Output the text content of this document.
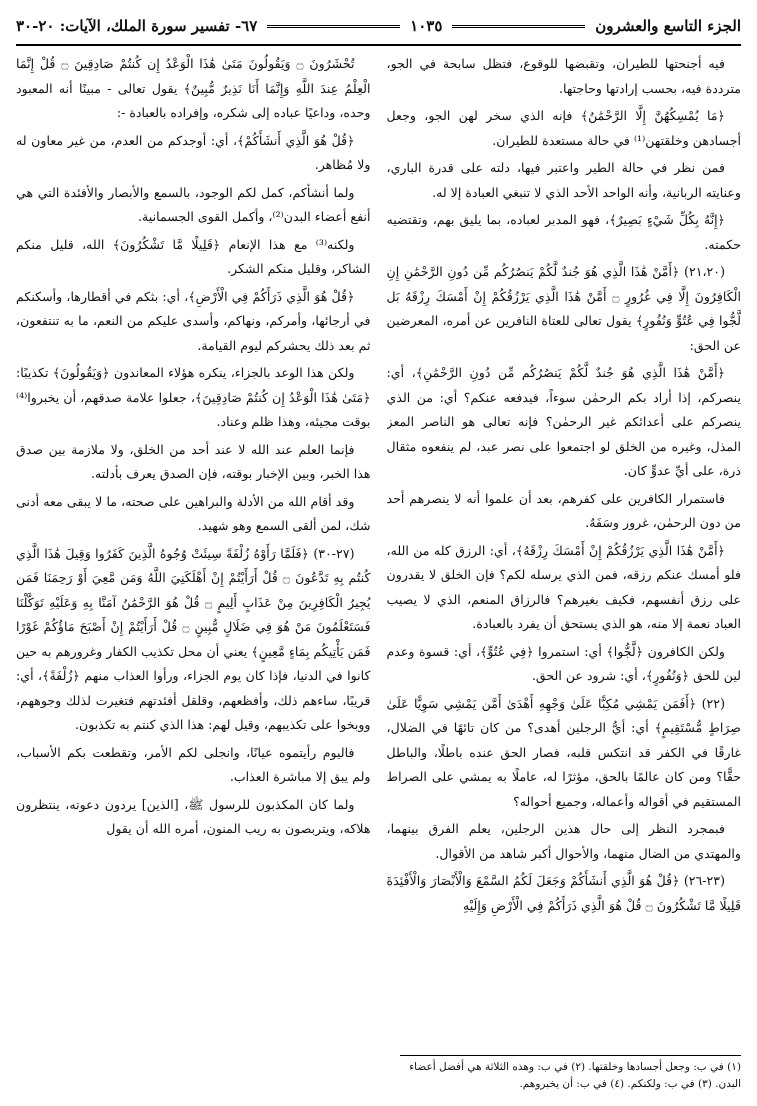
الجزء التاسع والعشرون
١٠٣٥
٦٧- تفسير سورة الملك، الآيات: ٢٠-٣٠

فيه أجنحتها للطيران، وتقبضها للوقوع، فتظل سابحة في الجو، مترددة فيه، بحسب إرادتها وحاجتها.

﴿مَا يُمْسِكُهُنَّ إِلَّا الرَّحْمَٰنُ﴾ فإنه الذي سخر لهن الجو، وجعل أجسادهن وخلقتهن⁽¹⁾ في حالة مستعدة للطيران.

فمن نظر في حالة الطير واعتبر فيها، دلته على قدرة الباري، وعنايته الربانية، وأنه الواحد الأحد الذي لا تنبغي العبادة إلا له.

﴿إِنَّهُ بِكُلِّ شَيْءٍ بَصِيرٌ﴾، فهو المدبر لعباده، بما يليق بهم، وتقتضيه حكمته.

(٢١،٢٠) ﴿أَمَّنْ هَٰذَا الَّذِي هُوَ جُندٌ لَّكُمْ يَنصُرُكُم مِّن دُونِ الرَّحْمَٰنِ إِنِ الْكَافِرُونَ إِلَّا فِي غُرُورٍ ۝ أَمَّنْ هَٰذَا الَّذِي يَرْزُقُكُمْ إِنْ أَمْسَكَ رِزْقَهُ بَل لَّجُّوا فِي عُتُوٍّ وَنُفُورٍ﴾ يقول تعالى للعتاة النافرين عن أمره، المعرضين عن الحق:

﴿أَمَّنْ هَٰذَا الَّذِي هُوَ جُندٌ لَّكُمْ يَنصُرُكُم مِّن دُونِ الرَّحْمَٰنِ﴾، أي: ينصركم، إذا أراد بكم الرحمٰن سوءاً، فيدفعه عنكم؟ أي: من الذي ينصركم على أعدائكم غير الرحمٰن؟ فإنه تعالى هو الناصر المعز المذل، وغيره من الخلق لو اجتمعوا على نصر عبد، لم ينفعوه مثقال ذرة، على أيِّ عدوٍّ كان.

فاستمرار الكافرين على كفرهم، بعد أن علموا أنه لا ينصرهم أحد من دون الرحمٰن، غرور وسَفَهٌ.

﴿أَمَّنْ هَٰذَا الَّذِي يَرْزُقُكُمْ إِنْ أَمْسَكَ رِزْقَهُ﴾، أي: الرزق كله من الله، فلو أمسك عنكم رزقه، فمن الذي يرسله لكم؟ فإن الخلق لا يقدرون على رزق أنفسهم، فكيف بغيرهم؟ فالرزاق المنعم، الذي لا يصيب العباد نعمة إلا منه، هو الذي يستحق أن يفرد بالعبادة.

ولكن الكافرون ﴿لَّجُّوا﴾ أي: استمروا ﴿فِي عُتُوٍّ﴾، أي: قسوة وعدم لين للحق ﴿وَنُفُورٍ﴾، أي: شرود عن الحق.

(٢٢) ﴿أَفَمَن يَمْشِي مُكِبًّا عَلَىٰ وَجْهِهِ أَهْدَىٰ أَمَّن يَمْشِي سَوِيًّا عَلَىٰ صِرَاطٍ مُّسْتَقِيمٍ﴾ أي: أيُّ الرجلين أهدى؟ من كان تائهًا في الضلال، غارقًا في الكفر قد انتكس قلبه، فصار الحق عنده باطلًا، والباطل حقًّا؟ ومن كان عالمًا بالحق، مؤثرًا له، عاملًا به يمشي على الصراط المستقيم في أقواله وأعماله، وجميع أحواله؟

فبمجرد النظر إلى حال هذين الرجلين، يعلم الفرق بينهما، والمهتدي من الضال منهما، والأحوال أكبر شاهد من الأقوال.

(٢٣-٢٦) ﴿قُلْ هُوَ الَّذِي أَنشَأَكُمْ وَجَعَلَ لَكُمُ السَّمْعَ وَالْأَبْصَارَ وَالْأَفْئِدَةَ قَلِيلًا مَّا تَشْكُرُونَ ۝ قُلْ هُوَ الَّذِي ذَرَأَكُمْ فِي الْأَرْضِ وَإِلَيْهِ

تُحْشَرُونَ ۝ وَيَقُولُونَ مَتَىٰ هَٰذَا الْوَعْدُ إِن كُنتُمْ صَادِقِينَ ۝ قُلْ إِنَّمَا الْعِلْمُ عِندَ اللَّهِ وَإِنَّمَا أَنَا نَذِيرٌ مُّبِينٌ﴾ يقول تعالى - مبينًا أنه المعبود وحده، وداعيًا عباده إلى شكره، وإفراده بالعبادة -:

﴿قُلْ هُوَ الَّذِي أَنشَأَكُمْ﴾، أي: أوجدكم من العدم، من غير معاون له ولا مُظاهر.

ولما أنشأكم، كمل لكم الوجود، بالسمع والأبصار والأفئدة التي هي أنفع أعضاء البدن⁽²⁾، وأكمل القوى الجسمانية.

ولكنه⁽³⁾ مع هذا الإنعام ﴿قَلِيلًا مَّا تَشْكُرُونَ﴾ الله، قليل منكم الشاكر، وقليل منكم الشكر.

﴿قُلْ هُوَ الَّذِي ذَرَأَكُمْ فِي الْأَرْضِ﴾، أي: بثكم في أقطارها، وأسكنكم في أرجائها، وأمركم، ونهاكم، وأسدى عليكم من النعم، ما به تنتفعون، ثم بعد ذلك يحشركم ليوم القيامة.

ولكن هذا الوعد بالجزاء، ينكره هؤلاء المعاندون ﴿وَيَقُولُونَ﴾ تكذيبًا: ﴿مَتَىٰ هَٰذَا الْوَعْدُ إِن كُنتُمْ صَادِقِينَ﴾، جعلوا علامة صدقهم، أن يخبروا⁽⁴⁾ بوقت مجيئه، وهذا ظلم وعناد.

فإنما العلم عند الله لا عند أحد من الخلق، ولا ملازمة بين صدق هذا الخبر، وبين الإخبار بوقته، فإن الصدق يعرف بأدلته.

وقد أقام الله من الأدلة والبراهين على صحته، ما لا يبقى معه أدنى شك، لمن ألقى السمع وهو شهيد.

(٢٧-٣٠) ﴿فَلَمَّا رَأَوْهُ زُلْفَةً سِيئَتْ وُجُوهُ الَّذِينَ كَفَرُوا وَقِيلَ هَٰذَا الَّذِي كُنتُم بِهِ تَدَّعُونَ ۝ قُلْ أَرَأَيْتُمْ إِنْ أَهْلَكَنِيَ اللَّهُ وَمَن مَّعِيَ أَوْ رَحِمَنَا فَمَن يُجِيرُ الْكَافِرِينَ مِنْ عَذَابٍ أَلِيمٍ ۝ قُلْ هُوَ الرَّحْمَٰنُ آمَنَّا بِهِ وَعَلَيْهِ تَوَكَّلْنَا فَسَتَعْلَمُونَ مَنْ هُوَ فِي ضَلَالٍ مُّبِينٍ ۝ قُلْ أَرَأَيْتُمْ إِنْ أَصْبَحَ مَاؤُكُمْ غَوْرًا فَمَن يَأْتِيكُم بِمَاءٍ مَّعِينٍ﴾ يعني أن محل تكذيب الكفار وغرورهم به حين كانوا في الدنيا، فإذا كان يوم الجزاء، ورأوا العذاب منهم ﴿زُلْفَةً﴾، أي: قريبًا، ساءهم ذلك، وأفظعهم، وقلقل أفئدتهم فتغيرت لذلك وجوههم، ووبخوا على تكذيبهم، وقيل لهم: هذا الذي كنتم به تكذبون.

فاليوم رأيتموه عيانًا، وانجلى لكم الأمر، وتقطعت بكم الأسباب، ولم يبق إلا مباشرة العذاب.

ولما كان المكذبون للرسول ﷺ، [الذين] يردون دعوته، ينتظرون هلاكه، ويتربصون به ريب المنون، أمره الله أن يقول

(١) في ب: وجعل أجسادها وخلقتها. (٢) في ب: وهذه الثلاثة هي أفضل أعضاء البدن. (٣) في ب: ولكنكم. (٤) في ب: أن يخبروهم.
